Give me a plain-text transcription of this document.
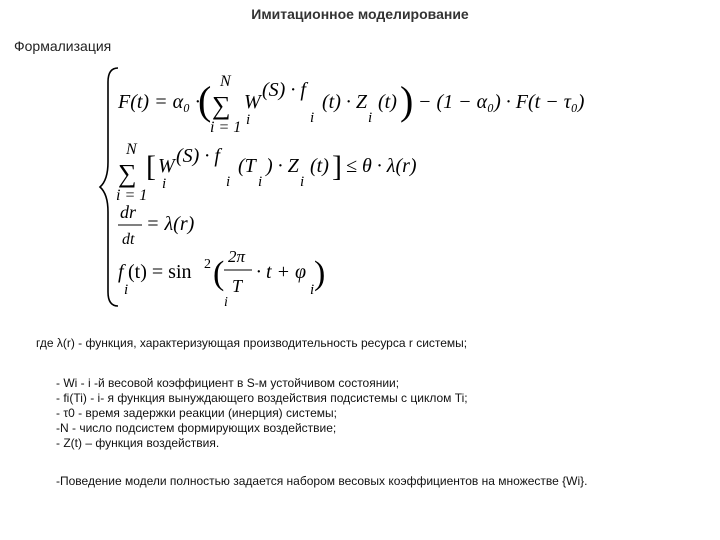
Имитационное моделирование
Формализация
F(t) = α₀ ·
N
∑
i = 1
( W
i
(S) · f
i
(t) · Z
i
(t) ) − (1 − α₀) · F(t − τ₀)
N
∑
i = 1
[ W
i
(S) · f
i
(T
i
) · Z
i
(t) ] ≤ θ · λ(r)
dr
dt
= λ(r)
f
i
(t) = sin 2 ( 2π
T
i
· t + φ
i )
где λ(r) - функция, характеризующая производительность ресурса r системы;
- Wi - i -й весовой коэффициент в S-м устойчивом состоянии;
- fi(Ti) - i- я функция вынуждающего воздействия подсистемы с циклом Ti;
- τ0 - время задержки реакции (инерция) системы;
-N - число подсистем формирующих воздействие;
- Z(t) – функция воздействия.
-Поведение модели полностью задается набором весовых коэффициентов на множестве {Wi}.
